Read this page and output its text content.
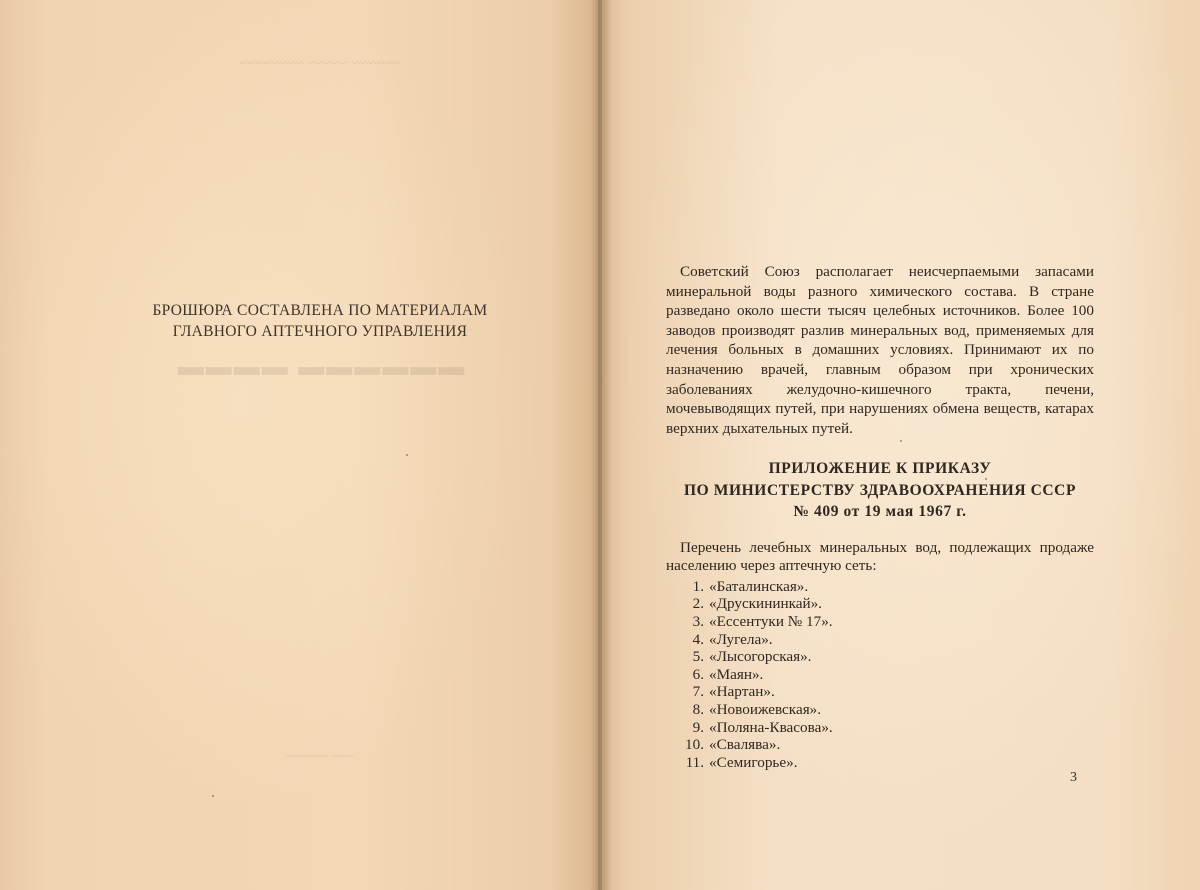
~~~~~~ ~~~~~ ~~~~~~~~
▬▬▬▬▬▬ ▬▬▬▬
~~~ ~~~~~~
БРОШЮРА СОСТАВЛЕНА ПО МАТЕРИАЛАМ
ГЛАВНОГО АПТЕЧНОГО УПРАВЛЕНИЯ

Советский Союз располагает неисчерпаемыми запасами минеральной воды разного химического состава. В стране разведано около шести тысяч целебных источников. Более 100 заводов производят разлив минеральных вод, применяемых для лечения больных в домашних условиях. Принимают их по назначению врачей, главным образом при хронических заболеваниях желудочно-кишечного тракта, печени, мочевыводящих путей, при нарушениях обмена веществ, катарах верхних дыхательных путей.

ПРИЛОЖЕНИЕ К ПРИКАЗУ
ПО МИНИСТЕРСТВУ ЗДРАВООХРАНЕНИЯ СССР
№ 409 от 19 мая 1967 г.

Перечень лечебных минеральных вод, подлежащих продаже населению через аптечную сеть:

1. «Баталинская».
2. «Друскининкай».
3. «Ессентуки № 17».
4. «Лугела».
5. «Лысогорская».
6. «Маян».
7. «Нартан».
8. «Новоижевская».
9. «Поляна-Квасова».
10. «Свалява».
11. «Семигорье».
3
